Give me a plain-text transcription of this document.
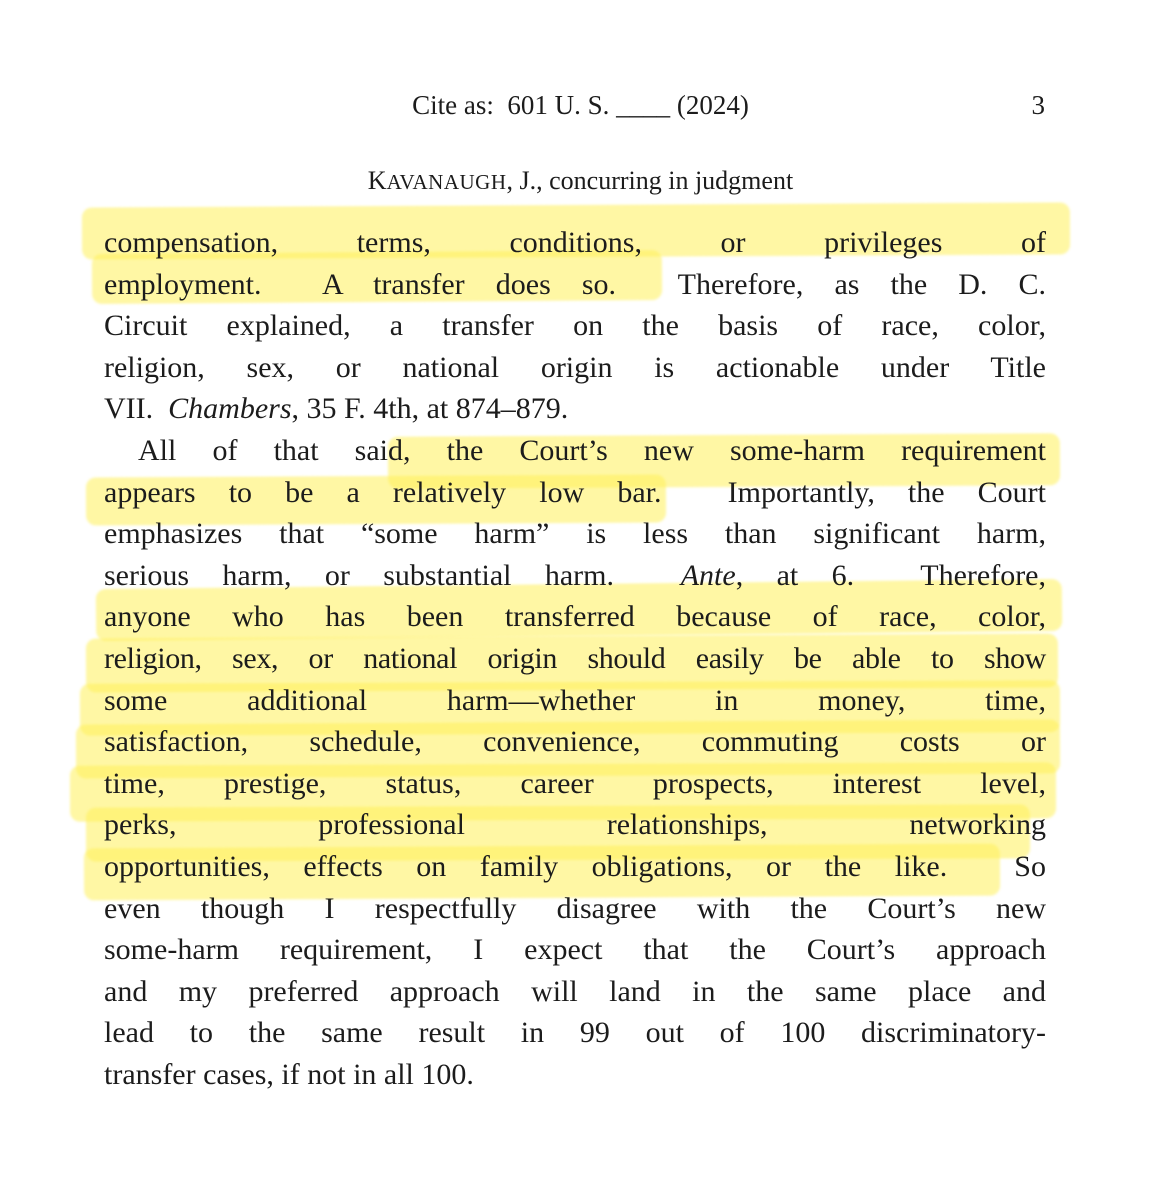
Cite as:  601 U. S. ____ (2024)	3
KAVANAUGH, J., concurring in judgment
compensation, terms, conditions, or privileges of
employment.  A transfer does so.  Therefore, as the D. C.
Circuit explained, a transfer on the basis of race, color,
religion, sex, or national origin is actionable under Title
VII.  Chambers, 35 F. 4th, at 874–879.
All of that said, the Court’s new some-harm requirement
appears to be a relatively low bar.  Importantly, the Court
emphasizes that “some harm” is less than significant harm,
serious harm, or substantial harm.  Ante, at 6.  Therefore,
anyone who has been transferred because of race, color,
religion, sex, or national origin should easily be able to show
some additional harm—whether in money, time,
satisfaction, schedule, convenience, commuting costs or
time, prestige, status, career prospects, interest level,
perks, professional relationships, networking
opportunities, effects on family obligations, or the like.  So
even though I respectfully disagree with the Court’s new
some-harm requirement, I expect that the Court’s approach
and my preferred approach will land in the same place and
lead to the same result in 99 out of 100 discriminatory-
transfer cases, if not in all 100.
